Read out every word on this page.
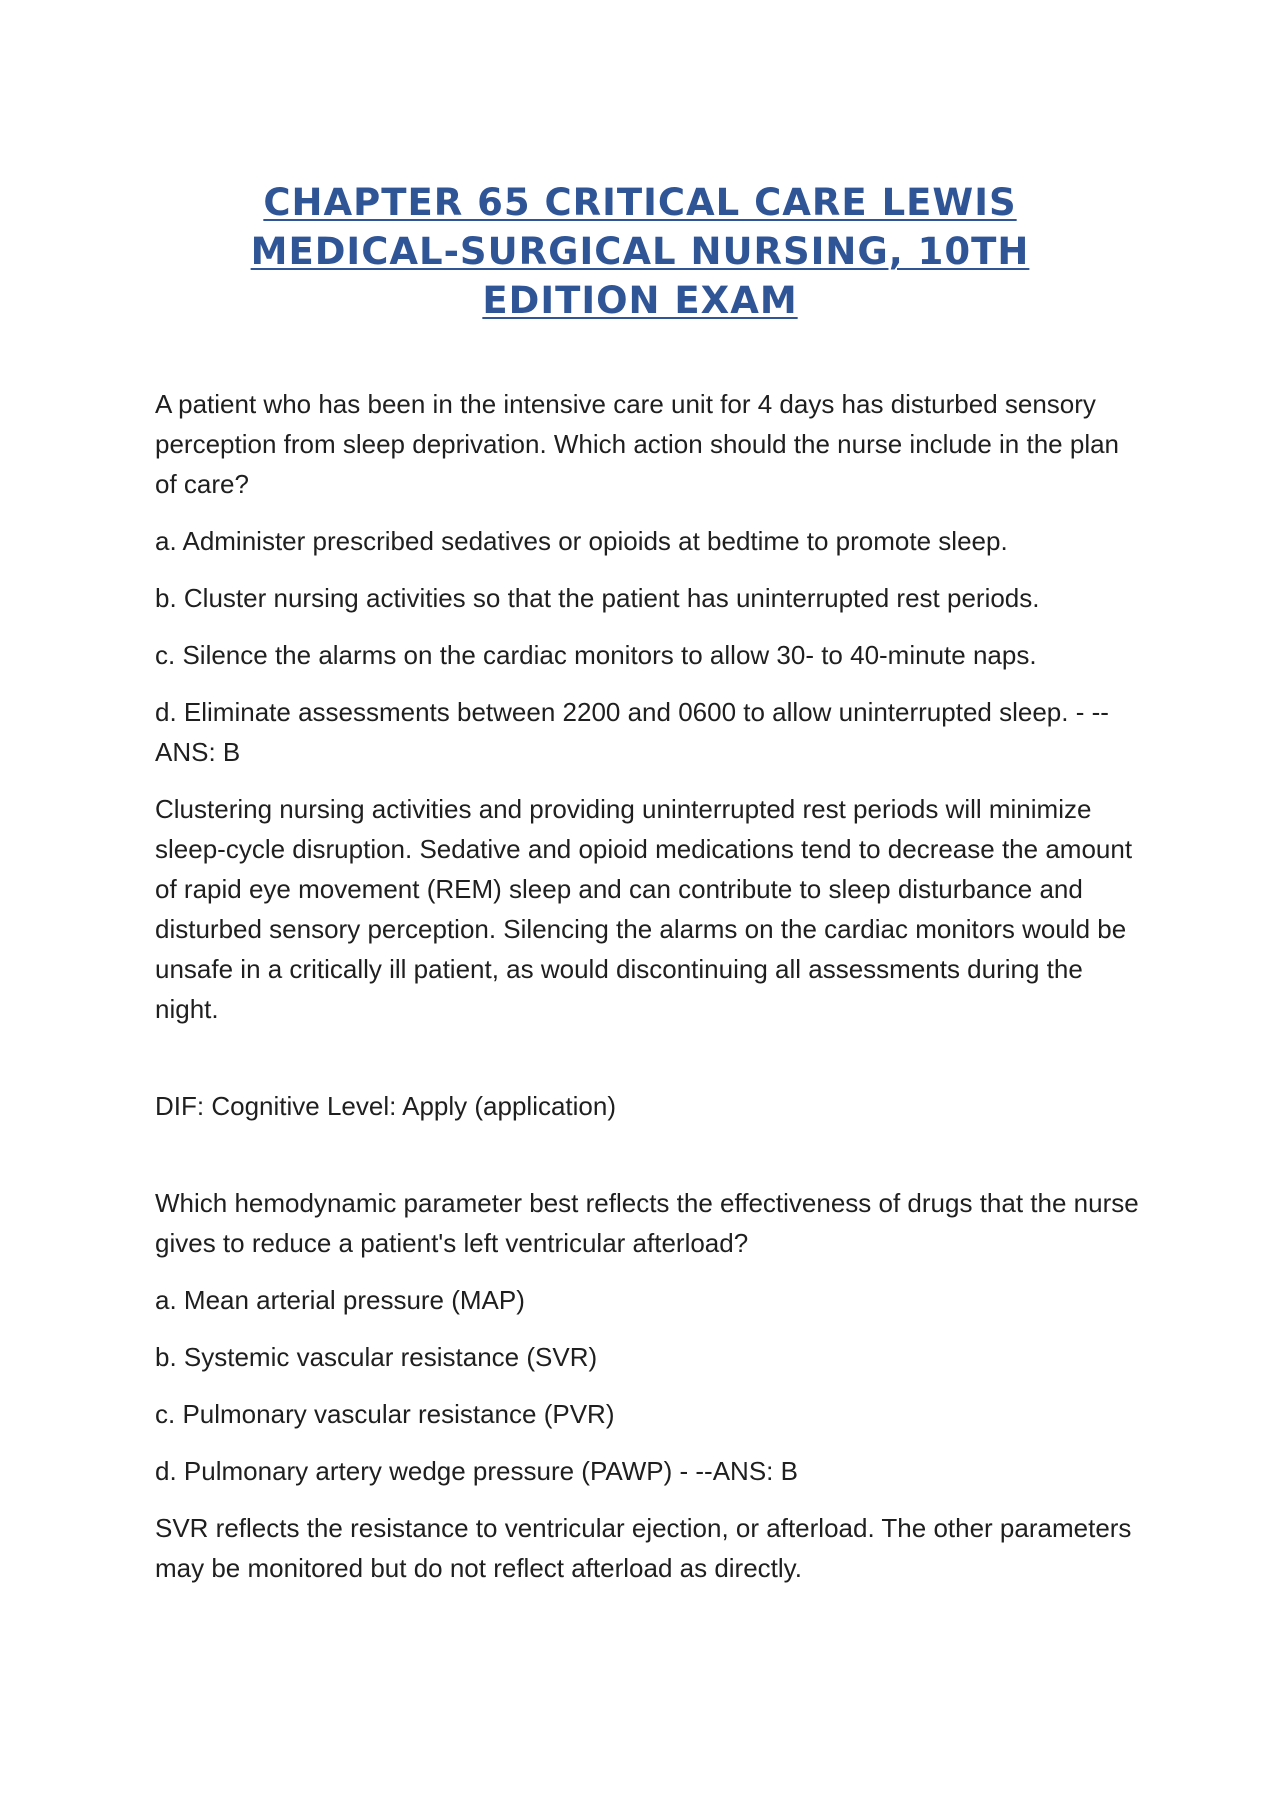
CHAPTER 65 CRITICAL CARE LEWIS MEDICAL-SURGICAL NURSING, 10TH EDITION EXAM

A patient who has been in the intensive care unit for 4 days has disturbed sensory perception from sleep deprivation. Which action should the nurse include in the plan of care?

a. Administer prescribed sedatives or opioids at bedtime to promote sleep.

b. Cluster nursing activities so that the patient has uninterrupted rest periods.

c. Silence the alarms on the cardiac monitors to allow 30- to 40-minute naps.

d. Eliminate assessments between 2200 and 0600 to allow uninterrupted sleep. - --ANS: B

Clustering nursing activities and providing uninterrupted rest periods will minimize sleep-cycle disruption. Sedative and opioid medications tend to decrease the amount of rapid eye movement (REM) sleep and can contribute to sleep disturbance and disturbed sensory perception. Silencing the alarms on the cardiac monitors would be unsafe in a critically ill patient, as would discontinuing all assessments during the night.

DIF: Cognitive Level: Apply (application)

Which hemodynamic parameter best reflects the effectiveness of drugs that the nurse gives to reduce a patient's left ventricular afterload?

a. Mean arterial pressure (MAP)

b. Systemic vascular resistance (SVR)

c. Pulmonary vascular resistance (PVR)

d. Pulmonary artery wedge pressure (PAWP) - --ANS: B

SVR reflects the resistance to ventricular ejection, or afterload. The other parameters may be monitored but do not reflect afterload as directly.
